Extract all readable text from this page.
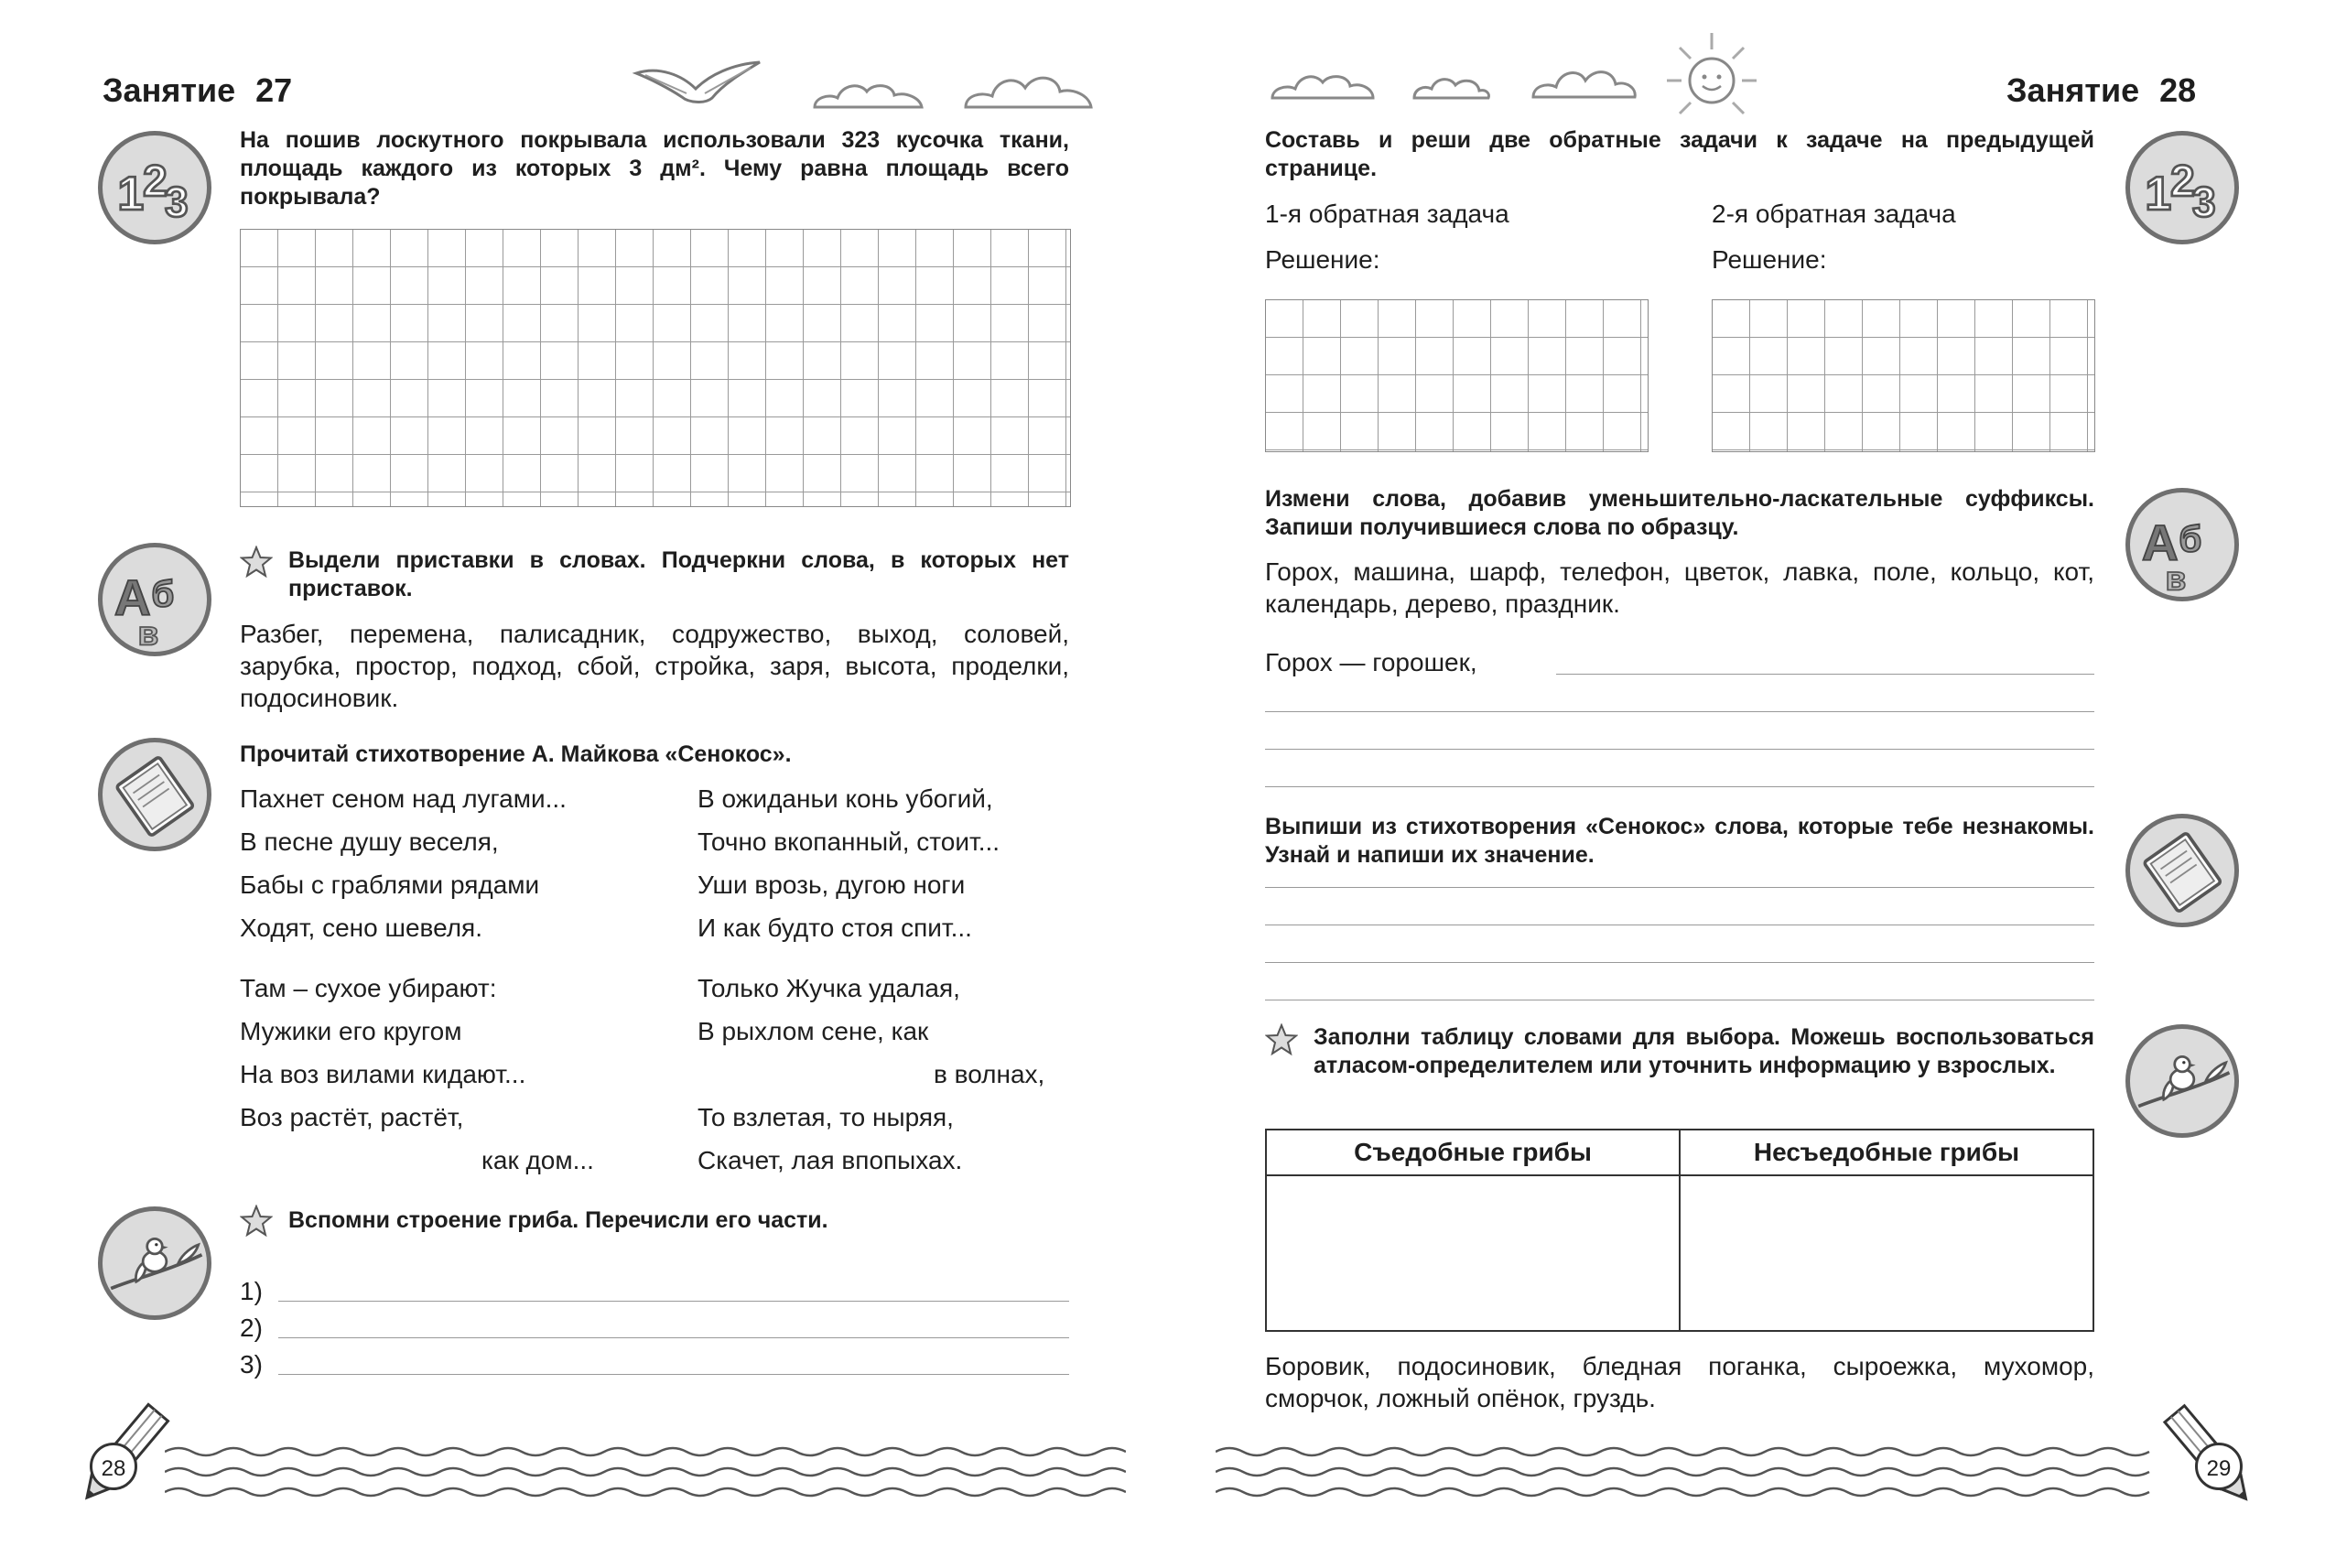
Занятие 27
1
2
3
На пошив лоскутного покрывала использовали 323 кусочка ткани, площадь каждого из которых 3 дм². Чему равна площадь всего покрывала?
А б
в
Выдели приставки в словах. Подчеркни слова, в которых нет приставок.
Разбег, перемена, палисадник, содружество, выход, соловей, зарубка, простор, подход, сбой, стройка, заря, высота, проделки, подосиновик.
Прочитай стихотворение А. Майкова «Сенокос».
Пахнет сеном над лугами...
В песне душу веселя,
Бабы с граблями рядами
Ходят, сено шевеля.
Там – сухое убирают:
Мужики его кругом
На воз вилами кидают...
Воз растёт, растёт,
как дом...
В ожиданьи конь убогий,
Точно вкопанный, стоит...
Уши врозь, дугою ноги
И как будто стоя спит...
Только Жучка удалая,
В рыхлом сене, как
в волнах,
То взлетая, то ныряя,
Скачет, лая впопыхах.
Вспомни строение гриба. Перечисли его части.
1)
2)
3)
28
Занятие 28
Составь и реши две обратные задачи к задаче на предыдущей странице.	1
2
3
1-я обратная задача	2-я обратная задача
Решение:	Решение:
Измени слова, добавив уменьшительно-ласкательные суффиксы. Запиши получившиеся слова по образцу.	А б
в
Горох, машина, шарф, телефон, цветок, лавка, поле, кольцо, кот, календарь, дерево, праздник.
Горох — горошек,
Выпиши из стихотворения «Сенокос» слова, которые тебе незнакомы. Узнай и напиши их значение.
Заполни таблицу словами для выбора. Можешь воспользоваться атласом-определителем или уточнить информацию у взрослых.
Съедобные грибы	Несъедобные грибы

Боровик, подосиновик, бледная поганка, сыроежка, мухомор, сморчок, ложный опёнок, груздь.
29
